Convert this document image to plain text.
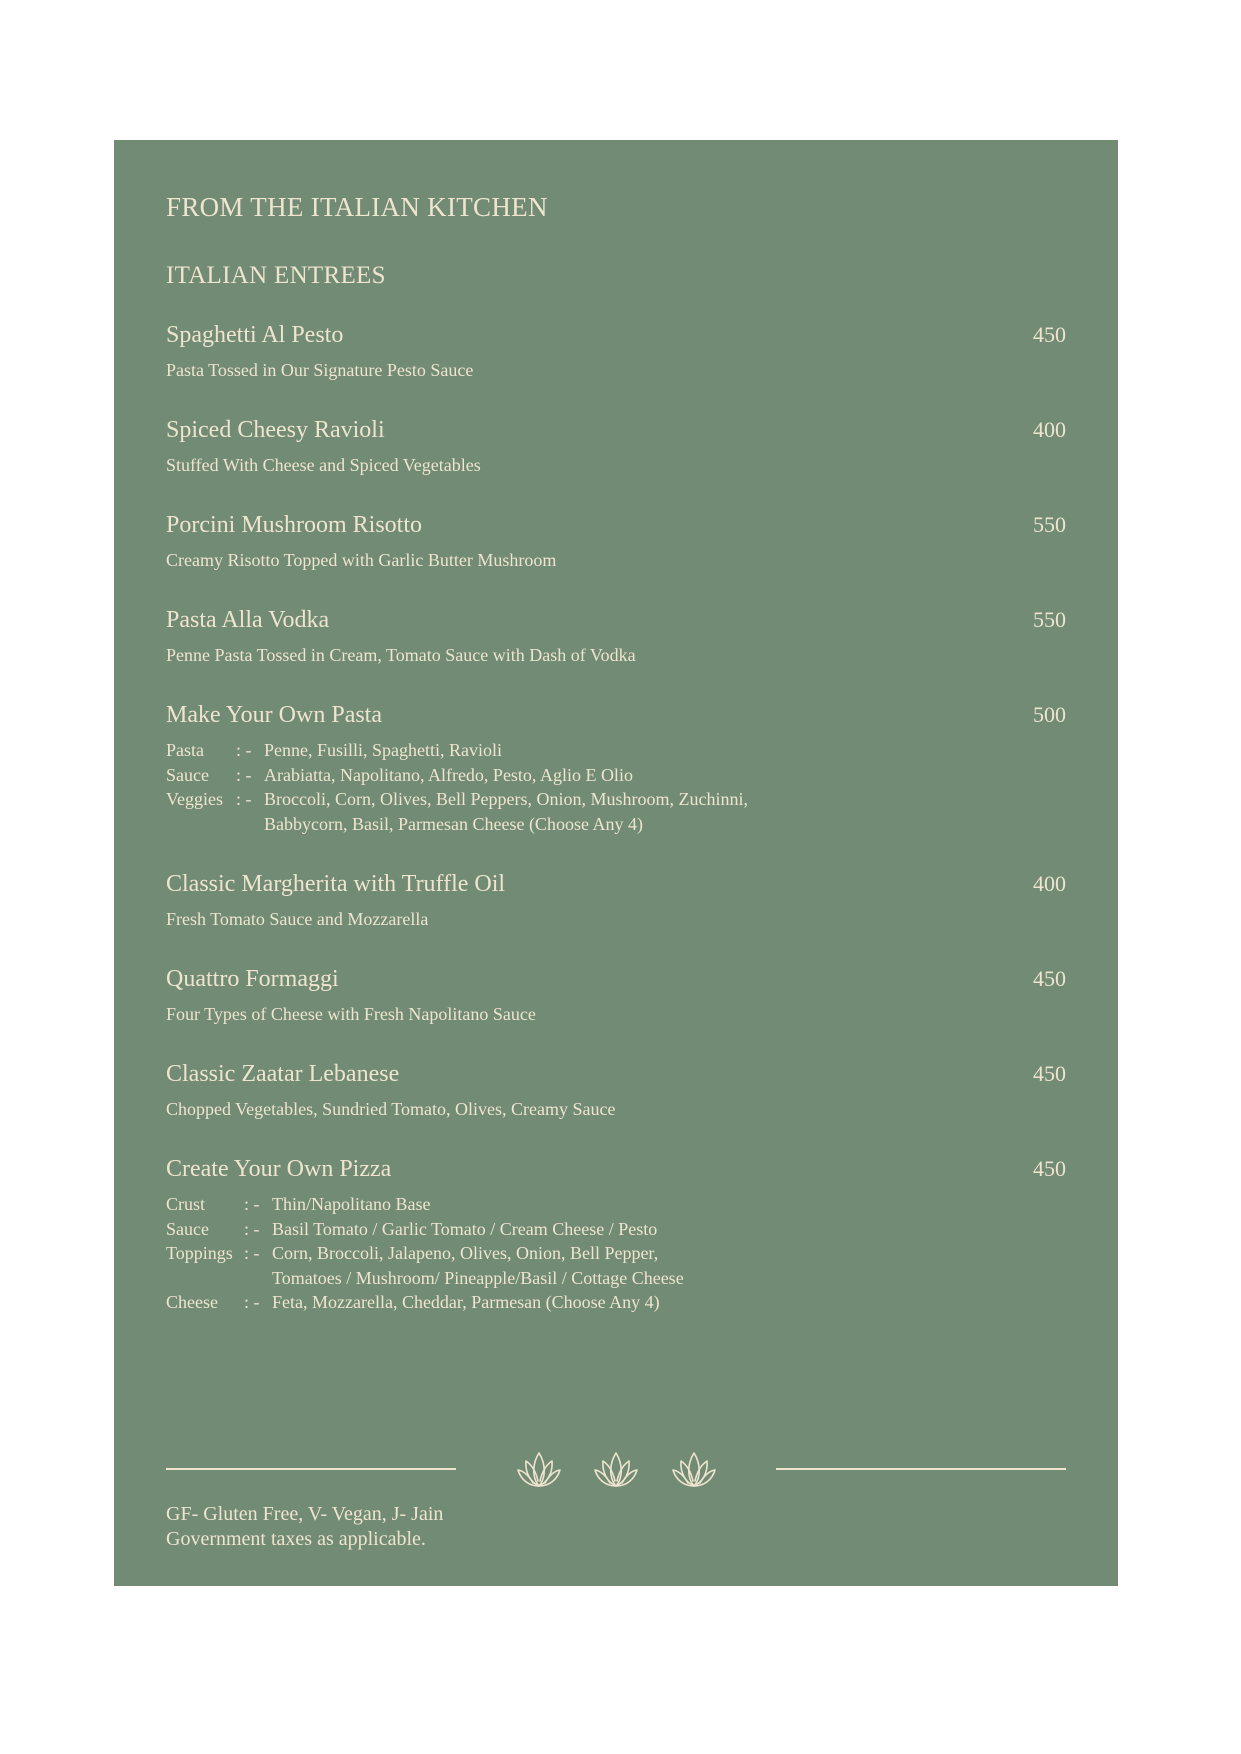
FROM THE ITALIAN KITCHEN
ITALIAN ENTREES
Spaghetti Al Pesto	450
Pasta Tossed in Our Signature Pesto Sauce
Spiced Cheesy Ravioli	400
Stuffed With Cheese and Spiced Vegetables
Porcini Mushroom Risotto	550
Creamy Risotto Topped with Garlic Butter Mushroom
Pasta Alla Vodka	550
Penne Pasta Tossed in Cream, Tomato Sauce with Dash of Vodka
Make Your Own Pasta	500
Pasta	: - Penne, Fusilli, Spaghetti, Ravioli
Sauce	: - Arabiatta, Napolitano, Alfredo, Pesto, Aglio E Olio
Veggies : - Broccoli, Corn, Olives, Bell Peppers, Onion, Mushroom, Zuchinni,
Babbycorn, Basil, Parmesan Cheese (Choose Any 4)
Classic Margherita with Truffle Oil	400
Fresh Tomato Sauce and Mozzarella
Quattro Formaggi	450
Four Types of Cheese with Fresh Napolitano Sauce
Classic Zaatar Lebanese	450
Chopped Vegetables, Sundried Tomato, Olives, Creamy Sauce
Create Your Own Pizza	450
Crust	: - Thin/Napolitano Base
Sauce	: - Basil Tomato / Garlic Tomato / Cream Cheese / Pesto
Toppings : - Corn, Broccoli, Jalapeno, Olives, Onion, Bell Pepper,
Tomatoes / Mushroom/ Pineapple/Basil / Cottage Cheese
Cheese	: - Feta, Mozzarella, Cheddar, Parmesan (Choose Any 4)
GF- Gluten Free, V- Vegan, J- Jain
Government taxes as applicable.
